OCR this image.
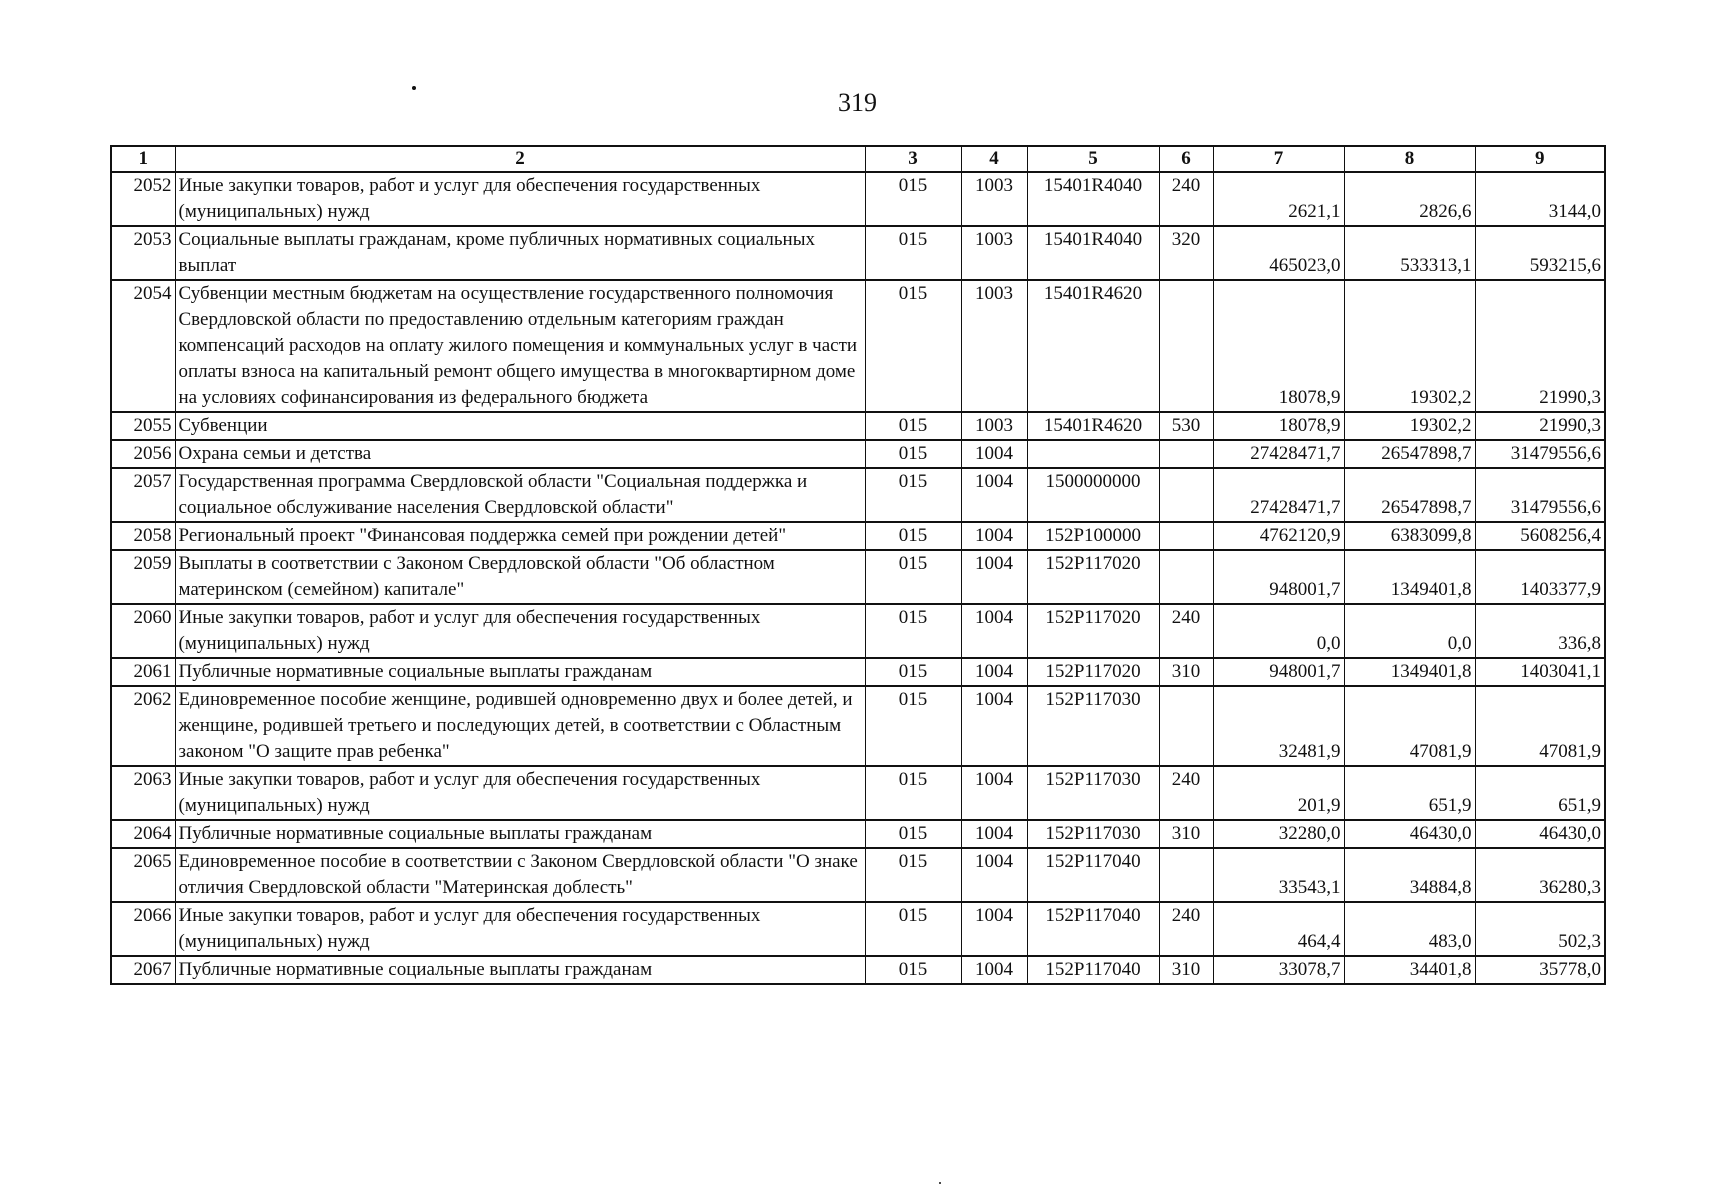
319
1	2	3	4	5	6	7	8	9
2052	Иные закупки товаров, работ и услуг для обеспечения государственных (муниципальных) нужд	015	1003	15401R4040	240	2621,1	2826,6	3144,0
2053	Социальные выплаты гражданам, кроме публичных нормативных социальных выплат	015	1003	15401R4040	320	465023,0	533313,1	593215,6
2054	Субвенции местным бюджетам на осуществление государственного полномочия Свердловской области по предоставлению отдельным категориям граждан компенсаций расходов на оплату жилого помещения и коммунальных услуг в части оплаты взноса на капитальный ремонт общего имущества в многоквартирном доме на условиях софинансирования из федерального бюджета	015	1003	15401R4620		18078,9	19302,2	21990,3
2055	Субвенции	015	1003	15401R4620	530	18078,9	19302,2	21990,3
2056	Охрана семьи и детства	015	1004			27428471,7	26547898,7	31479556,6
2057	Государственная программа Свердловской области "Социальная поддержка и социальное обслуживание населения Свердловской области"	015	1004	1500000000		27428471,7	26547898,7	31479556,6
2058	Региональный проект "Финансовая поддержка семей при рождении детей"	015	1004	152P100000		4762120,9	6383099,8	5608256,4
2059	Выплаты в соответствии с Законом Свердловской области "Об областном материнском (семейном) капитале"	015	1004	152P117020		948001,7	1349401,8	1403377,9
2060	Иные закупки товаров, работ и услуг для обеспечения государственных (муниципальных) нужд	015	1004	152P117020	240	0,0	0,0	336,8
2061	Публичные нормативные социальные выплаты гражданам	015	1004	152P117020	310	948001,7	1349401,8	1403041,1
2062	Единовременное пособие женщине, родившей одновременно двух и более детей, и женщине, родившей третьего и последующих детей, в соответствии с Областным законом "О защите прав ребенка"	015	1004	152P117030		32481,9	47081,9	47081,9
2063	Иные закупки товаров, работ и услуг для обеспечения государственных (муниципальных) нужд	015	1004	152P117030	240	201,9	651,9	651,9
2064	Публичные нормативные социальные выплаты гражданам	015	1004	152P117030	310	32280,0	46430,0	46430,0
2065	Единовременное пособие в соответствии с Законом Свердловской области "О знаке отличия Свердловской области "Материнская доблесть"	015	1004	152P117040		33543,1	34884,8	36280,3
2066	Иные закупки товаров, работ и услуг для обеспечения государственных (муниципальных) нужд	015	1004	152P117040	240	464,4	483,0	502,3
2067	Публичные нормативные социальные выплаты гражданам	015	1004	152P117040	310	33078,7	34401,8	35778,0
